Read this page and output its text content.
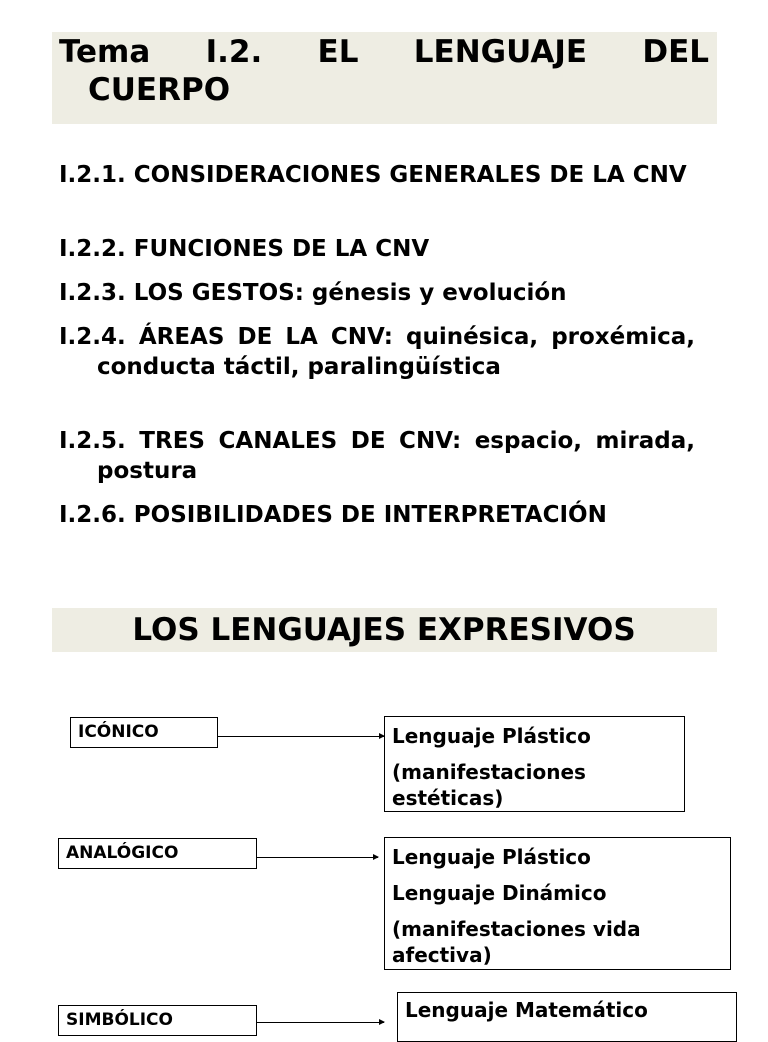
Tema I.2. EL LENGUAJE DEL
CUERPO
I.2.1. CONSIDERACIONES GENERALES DE LA CNV
I.2.2. FUNCIONES DE LA CNV
I.2.3. LOS GESTOS: génesis y evolución
I.2.4. ÁREAS DE LA CNV: quinésica, proxémica, conducta táctil, paralingüística
I.2.5. TRES CANALES DE CNV: espacio, mirada, postura
I.2.6. POSIBILIDADES DE INTERPRETACIÓN
LOS LENGUAJES EXPRESIVOS
ICÓNICO	Lenguaje Plástico

(manifestaciones estéticas)

ANALÓGICO	Lenguaje Plástico

Lenguaje Dinámico

(manifestaciones vida afectiva)

SIMBÓLICO	Lenguaje Matemático
